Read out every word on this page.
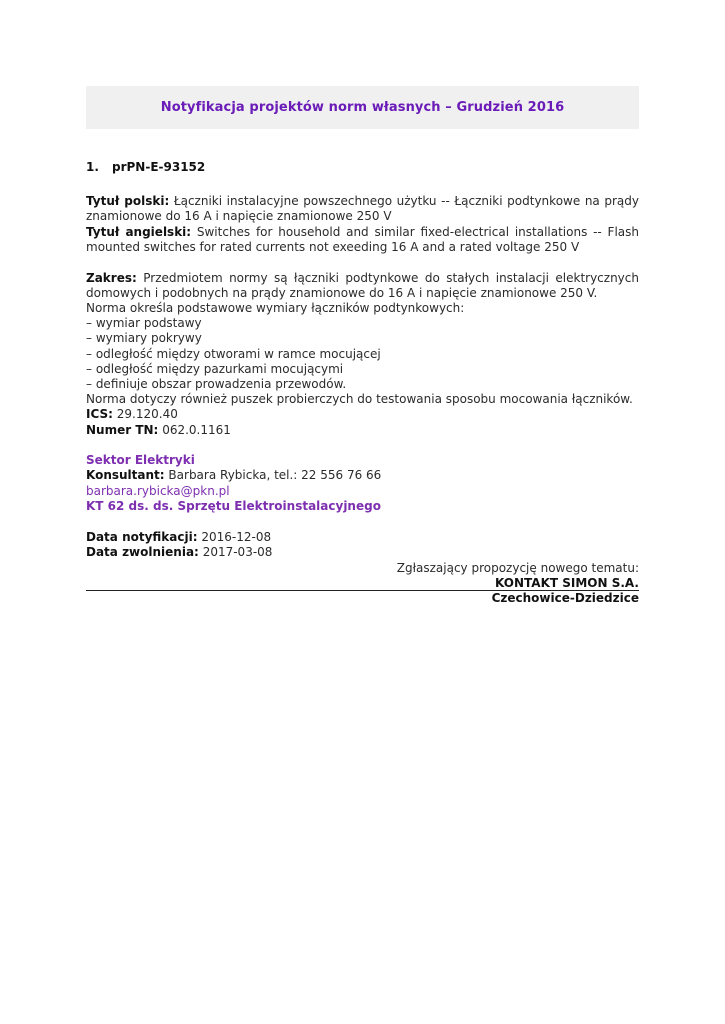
Notyfikacja projektów norm własnych – Grudzień 2016
1. prPN-E-93152

Tytuł polski: Łączniki instalacyjne powszechnego użytku -- Łączniki podtynkowe na prądy znamionowe do 16 A i napięcie znamionowe 250 V

Tytuł angielski: Switches for household and similar fixed-electrical installations -- Flash mounted switches for rated currents not exeeding 16 A and a rated voltage 250 V

Zakres: Przedmiotem normy są łączniki podtynkowe do stałych instalacji elektrycznych domowych i podobnych na prądy znamionowe do 16 A i napięcie znamionowe 250 V.

Norma określa podstawowe wymiary łączników podtynkowych:

– wymiar podstawy
– wymiary pokrywy
– odległość między otworami w ramce mocującej
– odległość między pazurkami mocującymi
– definiuje obszar prowadzenia przewodów.

Norma dotyczy również puszek probierczych do testowania sposobu mocowania łączników.

ICS: 29.120.40

Numer TN: 062.0.1161

Sektor Elektryki

Konsultant: Barbara Rybicka, tel.: 22 556 76 66

barbara.rybicka@pkn.pl

KT 62 ds. ds. Sprzętu Elektroinstalacyjnego

Data notyfikacji: 2016-12-08

Data zwolnienia: 2017-03-08

Zgłaszający propozycję nowego tematu:
KONTAKT SIMON S.A.
Czechowice-Dziedzice
